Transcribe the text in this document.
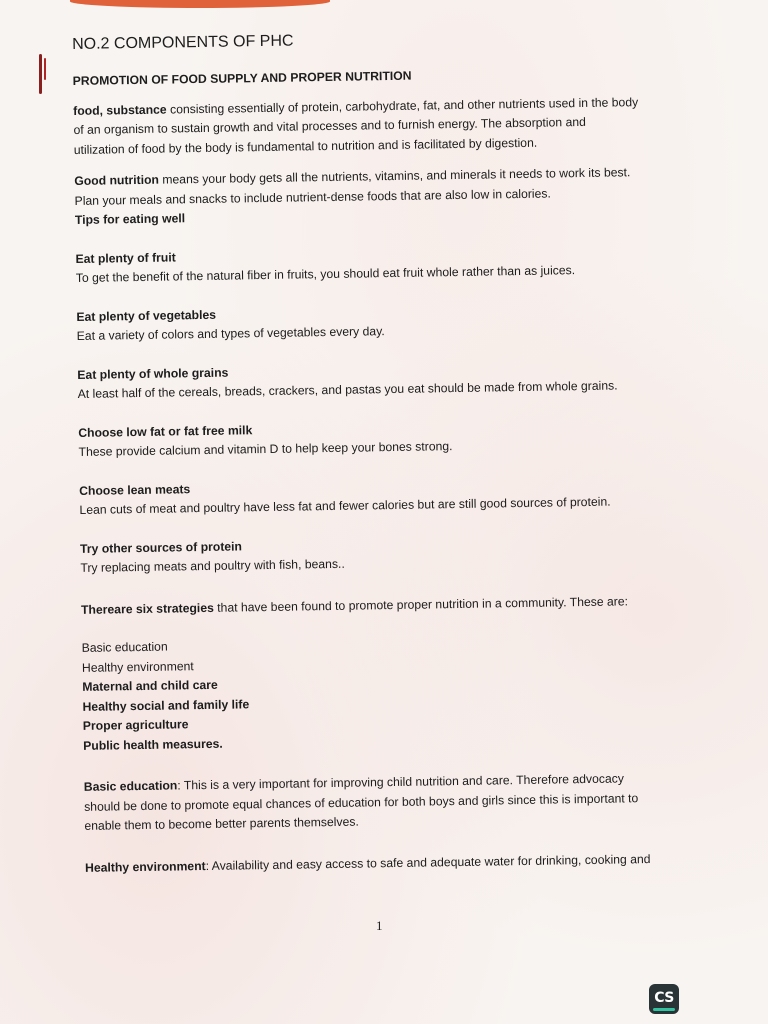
NO.2 COMPONENTS OF PHC
PROMOTION OF FOOD SUPPLY AND PROPER NUTRITION

food, substance consisting essentially of protein, carbohydrate, fat, and other nutrients used in the body
of an organism to sustain growth and vital processes and to furnish energy. The absorption and
utilization of food by the body is fundamental to nutrition and is facilitated by digestion.

Good nutrition means your body gets all the nutrients, vitamins, and minerals it needs to work its best.
Plan your meals and snacks to include nutrient-dense foods that are also low in calories.
Tips for eating well

Eat plenty of fruit
To get the benefit of the natural fiber in fruits, you should eat fruit whole rather than as juices.

Eat plenty of vegetables
Eat a variety of colors and types of vegetables every day.

Eat plenty of whole grains
At least half of the cereals, breads, crackers, and pastas you eat should be made from whole grains.

Choose low fat or fat free milk
These provide calcium and vitamin D to help keep your bones strong.

Choose lean meats
Lean cuts of meat and poultry have less fat and fewer calories but are still good sources of protein.

Try other sources of protein
Try replacing meats and poultry with fish, beans..

Thereare six strategies that have been found to promote proper nutrition in a community. These are:

Basic education
Healthy environment
Maternal and child care
Healthy social and family life
Proper agriculture
Public health measures.

Basic education: This is a very important for improving child nutrition and care. Therefore advocacy
should be done to promote equal chances of education for both boys and girls since this is important to
enable them to become better parents themselves.

Healthy environment: Availability and easy access to safe and adequate water for drinking, cooking and

1
CS
